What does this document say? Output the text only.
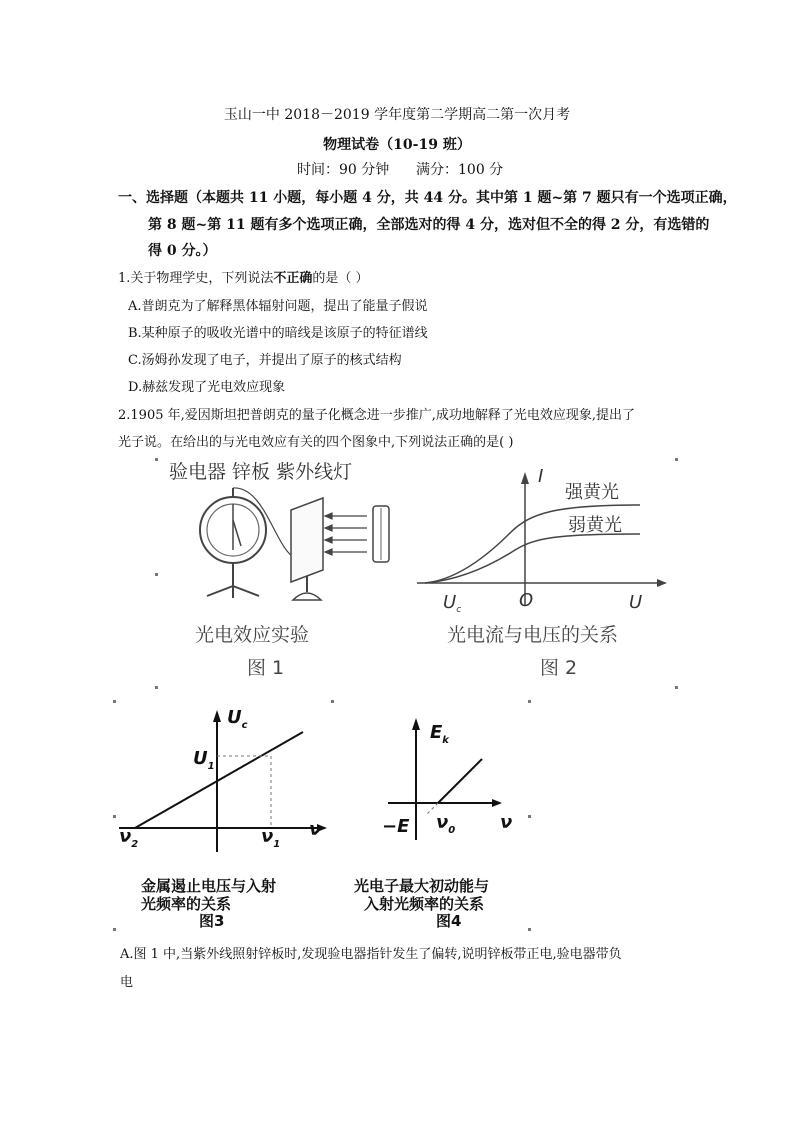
玉山一中 2018－2019 学年度第二学期高二第一次月考
物理试卷（10-19 班）
时间：90 分钟 满分：100 分
一、选择题（本题共 11 小题，每小题 4 分，共 44 分。其中第 1 题~第 7 题只有一个选项正确，
第 8 题~第 11 题有多个选项正确，全部选对的得 4 分，选对但不全的得 2 分，有选错的
得 0 分。）
1.关于物理学史，下列说法不正确的是（ ）
A.普朗克为了解释黑体辐射问题，提出了能量子假说
B.某种原子的吸收光谱中的暗线是该原子的特征谱线
C.汤姆孙发现了电子，并提出了原子的核式结构
D.赫兹发现了光电效应现象
2.1905 年,爱因斯坦把普朗克的量子化概念进一步推广,成功地解释了光电效应现象,提出了
光子说。在给出的与光电效应有关的四个图象中,下列说法正确的是( )
验电器 锌板 紫外线灯
光电效应实验
图 1
I
强黄光
弱黄光
$U_c$	O	U
光电流与电压的关系
图 2
$U_c$
$U_1$
$\nu_2$	$\nu_1$
ν
金属遏止电压与入射
光频率的关系
图3
$E_k$
−E $\nu_0$ ν
光电子最大初动能与
入射光频率的关系
图4
A.图 1 中,当紫外线照射锌板时,发现验电器指针发生了偏转,说明锌板带正电,验电器带负
电
